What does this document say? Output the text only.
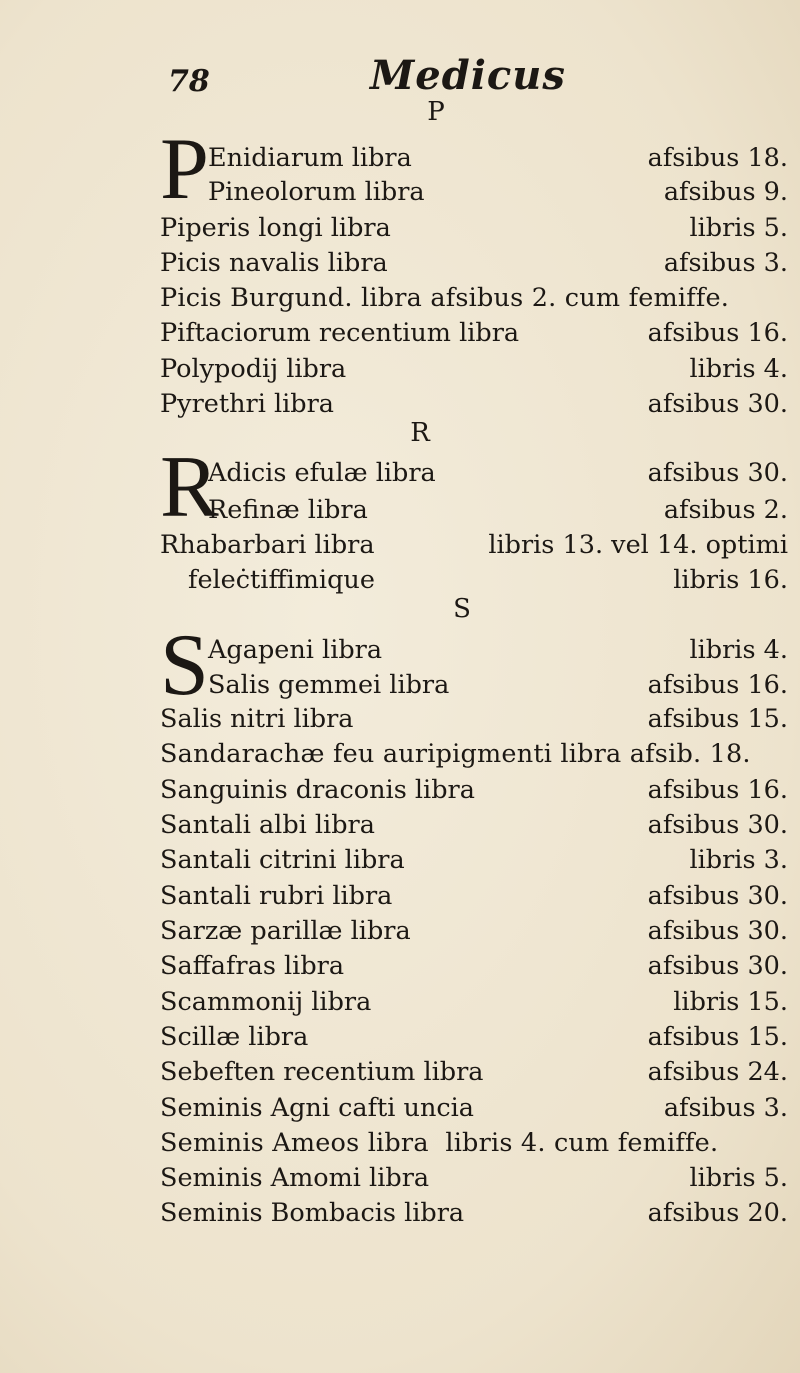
78	Medicus
P
P Enidiarum libra	afsibus 18.
Pineolorum libra	afsibus 9.
Piperis longi libra	libris 5.
Picis navalis libra	afsibus 3.
Picis Burgund. libra afsibus 2. cum femiffe.
Piftaciorum recentium libra	afsibus 16.
Polypodij libra	libris 4.
Pyrethri libra	afsibus 30.
R
R
Adicis efulæ libra	afsibus 30.
Refinæ libra	afsibus 2.
Rhabarbari libra	libris 13. vel 14. optimi
feleċtiffimique	libris 16.
S
S Agapeni libra	libris 4.
Salis gemmei libra	afsibus 16.
Salis nitri libra	afsibus 15.
Sandarachæ feu auripigmenti libra afsib. 18.
Sanguinis draconis libra	afsibus 16.
Santali albi libra	afsibus 30.
Santali citrini libra	libris 3.
Santali rubri libra	afsibus 30.
Sarzæ parillæ libra	afsibus 30.
Saffafras libra	afsibus 30.
Scammonij libra	libris 15.
Scillæ libra	afsibus 15.
Sebeften recentium libra	afsibus 24.
Seminis Agni cafti uncia	afsibus 3.
Seminis Ameos libra  libris 4. cum femiffe.
Seminis Amomi libra	libris 5.
Seminis Bombacis libra	afsibus 20.
